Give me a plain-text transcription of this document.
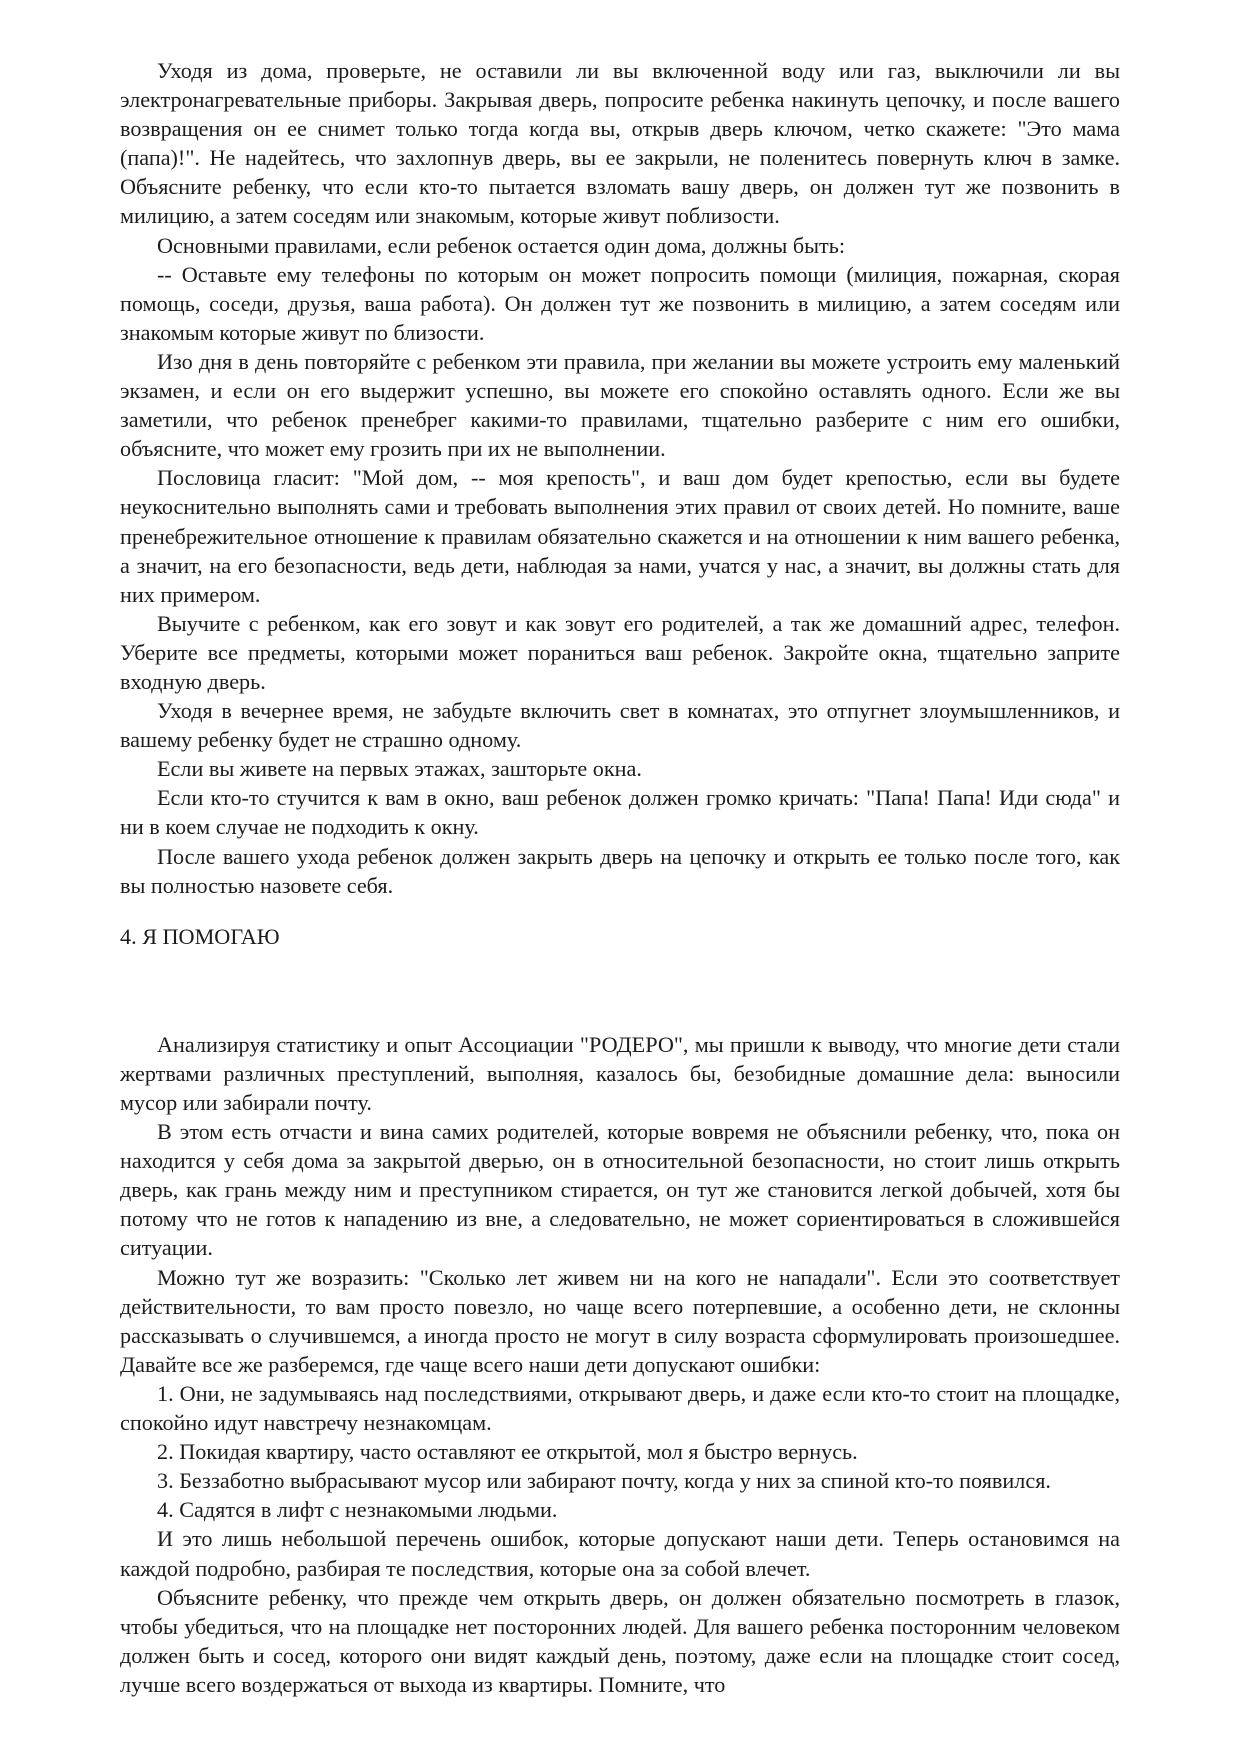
Уходя из дома, проверьте, не оставили ли вы включенной воду или газ, выключили ли вы электронагревательные приборы. Закрывая дверь, попросите ребенка накинуть цепочку, и после вашего возвращения он ее снимет только тогда когда вы, открыв дверь ключом, четко скажете: "Это мама (папа)!". Не надейтесь, что захлопнув дверь, вы ее закрыли, не поленитесь повернуть ключ в замке. Объясните ребенку, что если кто-то пытается взломать вашу дверь, он должен тут же позвонить в милицию, а затем соседям или знакомым, которые живут поблизости.

Основными правилами, если ребенок остается один дома, должны быть:

-- Оставьте ему телефоны по которым он может попросить помощи (милиция, пожарная, скорая помощь, соседи, друзья, ваша работа). Он должен тут же позвонить в милицию, а затем соседям или знакомым которые живут по близости.

Изо дня в день повторяйте с ребенком эти правила, при желании вы можете устроить ему маленький экзамен, и если он его выдержит успешно, вы можете его спокойно оставлять одного. Если же вы заметили, что ребенок пренебрег какими-то правилами, тщательно разберите с ним его ошибки, объясните, что может ему грозить при их не выполнении.

Пословица гласит: "Мой дом, -- моя крепость", и ваш дом будет крепостью, если вы будете неукоснительно выполнять сами и требовать выполнения этих правил от своих детей. Но помните, ваше пренебрежительное отношение к правилам обязательно скажется и на отношении к ним вашего ребенка, а значит, на его безопасности, ведь дети, наблюдая за нами, учатся у нас, а значит, вы должны стать для них примером.

Выучите с ребенком, как его зовут и как зовут его родителей, а так же домашний адрес, телефон. Уберите все предметы, которыми может пораниться ваш ребенок. Закройте окна, тщательно заприте входную дверь.

Уходя в вечернее время, не забудьте включить свет в комнатах, это отпугнет злоумышленников, и вашему ребенку будет не страшно одному.

Если вы живете на первых этажах, зашторьте окна.

Если кто-то стучится к вам в окно, ваш ребенок должен громко кричать: "Папа! Папа! Иди сюда" и ни в коем случае не подходить к окну.

После вашего ухода ребенок должен закрыть дверь на цепочку и открыть ее только после того, как вы полностью назовете себя.

4. Я ПОМОГАЮ

Анализируя статистику и опыт Ассоциации "РОДЕРО", мы пришли к выводу, что многие дети стали жертвами различных преступлений, выполняя, казалось бы, безобидные домашние дела: выносили мусор или забирали почту.

В этом есть отчасти и вина самих родителей, которые вовремя не объяснили ребенку, что, пока он находится у себя дома за закрытой дверью, он в относительной безопасности, но стоит лишь открыть дверь, как грань между ним и преступником стирается, он тут же становится легкой добычей, хотя бы потому что не готов к нападению из вне, а следовательно, не может сориентироваться в сложившейся ситуации.

Можно тут же возразить: "Сколько лет живем ни на кого не нападали". Если это соответствует действительности, то вам просто повезло, но чаще всего потерпевшие, а особенно дети, не склонны рассказывать о случившемся, а иногда просто не могут в силу возраста сформулировать произошедшее. Давайте все же разберемся, где чаще всего наши дети допускают ошибки:

1. Они, не задумываясь над последствиями, открывают дверь, и даже если кто-то стоит на площадке, спокойно идут навстречу незнакомцам.

2. Покидая квартиру, часто оставляют ее открытой, мол я быстро вернусь.

3. Беззаботно выбрасывают мусор или забирают почту, когда у них за спиной кто-то появился.

4. Садятся в лифт с незнакомыми людьми.

И это лишь небольшой перечень ошибок, которые допускают наши дети. Теперь остановимся на каждой подробно, разбирая те последствия, которые она за собой влечет.

Объясните ребенку, что прежде чем открыть дверь, он должен обязательно посмотреть в глазок, чтобы убедиться, что на площадке нет посторонних людей. Для вашего ребенка посторонним человеком должен быть и сосед, которого они видят каждый день, поэтому, даже если на площадке стоит сосед, лучше всего воздержаться от выхода из квартиры. Помните, что
